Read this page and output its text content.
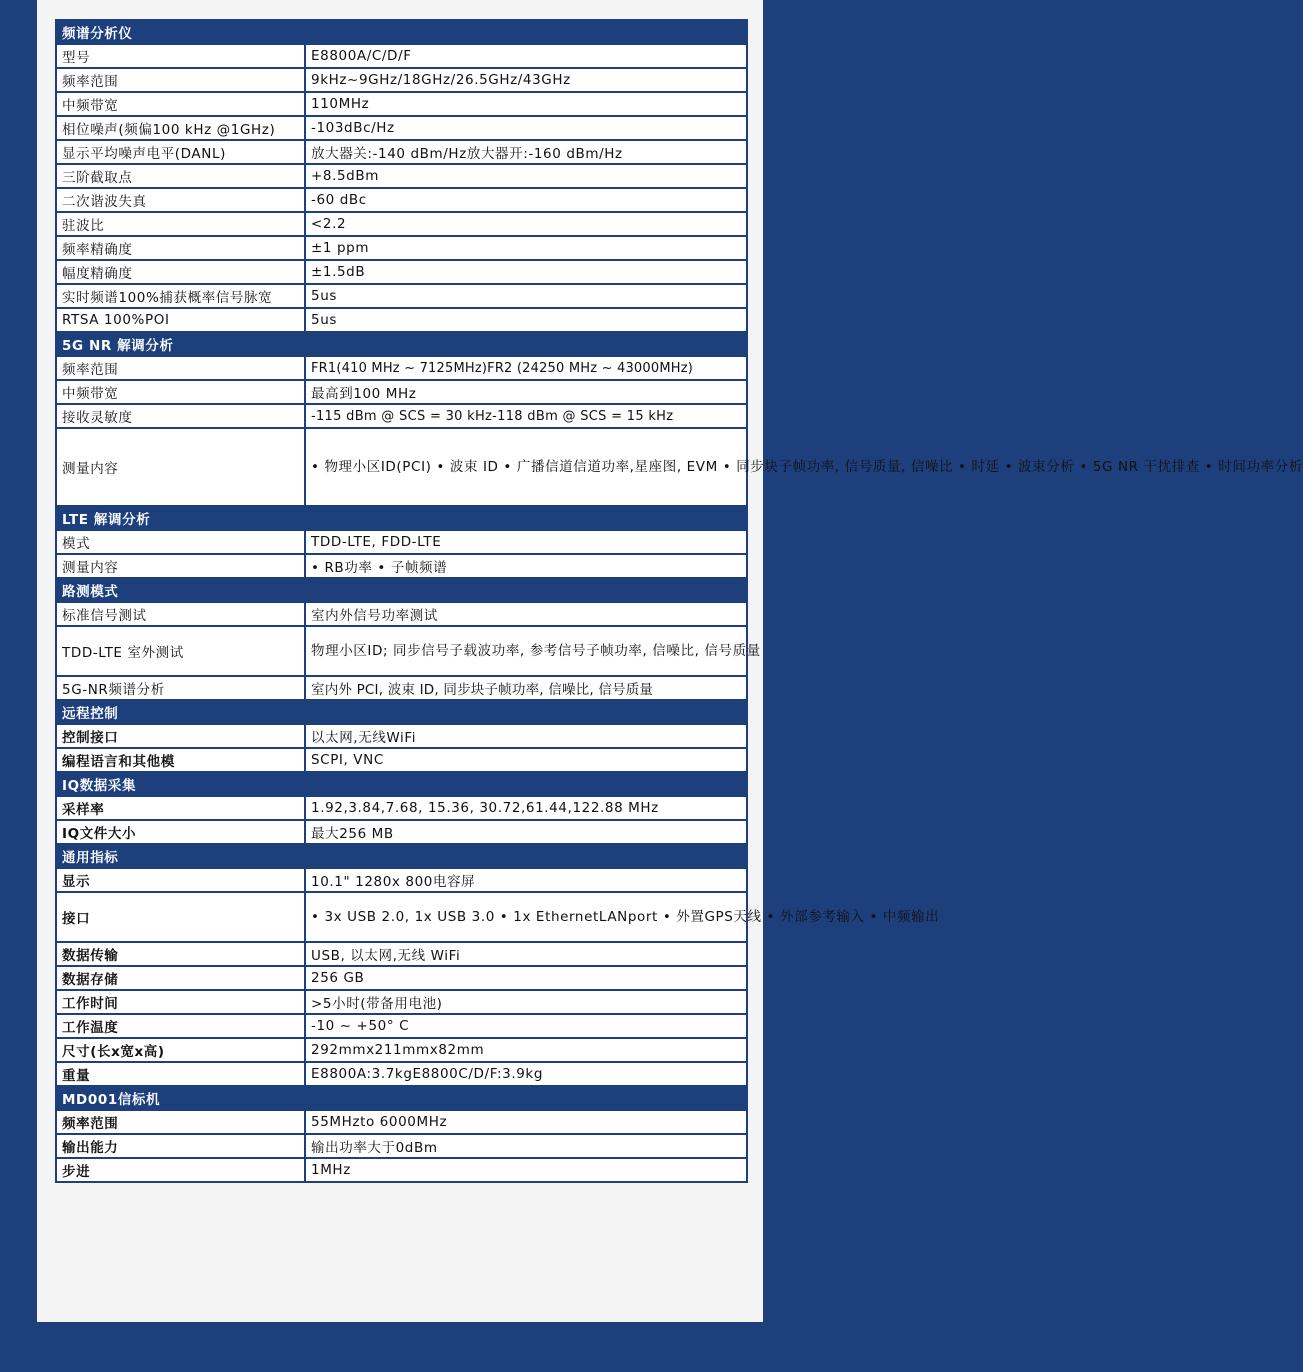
频谱分析仪	
型号	E8800A/C/D/F
频率范围	9kHz~9GHz/18GHz/26.5GHz/43GHz
中频带宽	110MHz
相位噪声(频偏100 kHz @1GHz)	-103dBc/Hz
显示平均噪声电平(DANL)	放大器关:-140 dBm/Hz放大器开:-160 dBm/Hz
三阶截取点	+8.5dBm
二次谐波失真	-60 dBc
驻波比	<2.2
频率精确度	±1 ppm
幅度精确度	±1.5dB
实时频谱100%捕获概率信号脉宽	5us
RTSA 100%POI	5us
5G NR 解调分析	
频率范围	FR1(410 MHz ~ 7125MHz)FR2 (24250 MHz ~ 43000MHz)
中频带宽	最高到100 MHz
接收灵敏度	-115 dBm @ SCS = 30 kHz-118 dBm @ SCS = 15 kHz
测量内容	• 物理小区ID(PCI) • 波束 ID • 广播信道信道功率,星座图, EVM • 同步块子帧功率, 信号质量, 信噪比 • 时延 • 波束分析 • 5G NR 干扰排查 • 时间功率分析
LTE 解调分析	
模式	TDD-LTE, FDD-LTE
测量内容	• RB功率 • 子帧频谱
路测模式	
标准信号测试	室内外信号功率测试
TDD-LTE 室外测试	物理小区ID; 同步信号子载波功率, 参考信号子帧功率, 信噪比, 信号质量
5G-NR频谱分析	室内外 PCI, 波束 ID, 同步块子帧功率, 信噪比, 信号质量
远程控制	
控制接口	以太网,无线WiFi
编程语言和其他模	SCPI, VNC
IQ数据采集	
采样率	1.92,3.84,7.68, 15.36, 30.72,61.44,122.88 MHz
IQ文件大小	最大256 MB
通用指标	
显示	10.1" 1280x 800电容屏
接口	• 3x USB 2.0, 1x USB 3.0 • 1x EthernetLANport • 外置GPS天线 • 外部参考输入 • 中频输出
数据传输	USB, 以太网,无线 WiFi
数据存储	256 GB
工作时间	>5小时(带备用电池)
工作温度	-10 ~ +50° C
尺寸(长x宽x高)	292mmx211mmx82mm
重量	E8800A:3.7kgE8800C/D/F:3.9kg
MD001信标机	
频率范围	55MHzto 6000MHz
输出能力	输出功率大于0dBm
步进	1MHz
